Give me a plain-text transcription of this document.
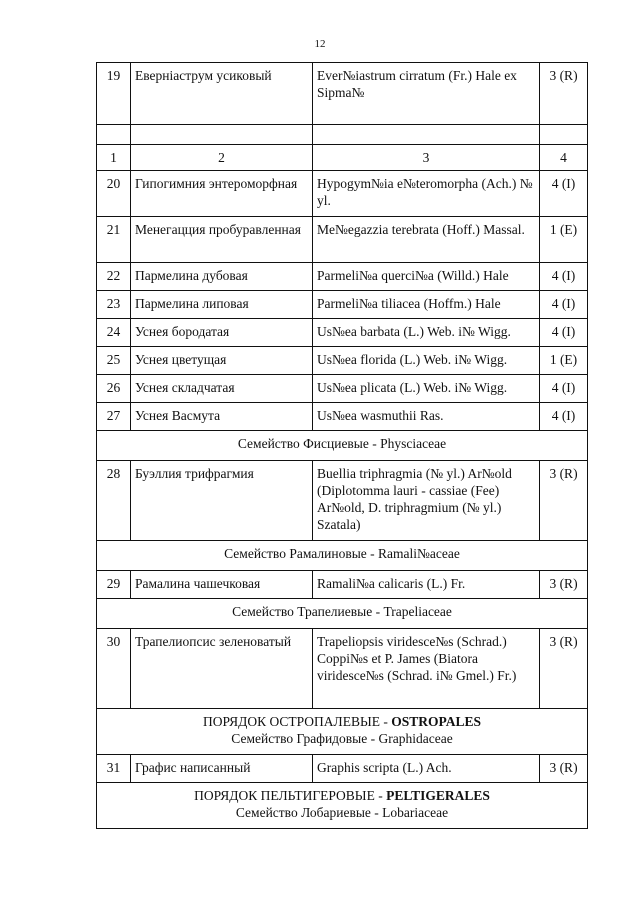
12
19	Евернiаструм усиковый	Ever№iastrum cirratum (Fr.) Hale ex Sipma№	3 (R)

1	2	3	4
20	Гипогимния энтероморфная	Hypogym№ia e№teromorpha (Ach.) № yl.	4 (I)
21	Менегацция пробуравленная	Me№egazzia terebrata (Hoff.) Massal.	1 (E)
22	Пармелина дубовая	Parmeli№a querci№a (Willd.) Hale	4 (I)
23	Пармелина липовая	Parmeli№a tiliacea (Hoffm.) Hale	4 (I)
24	Уснея бородатая	Us№ea barbata (L.) Web. i№ Wigg.	4 (I)
25	Уснея цветущая	Us№ea florida (L.) Web. i№ Wigg.	1 (E)
26	Уснея складчатая	Us№ea plicata (L.) Web. i№ Wigg.	4 (I)
27	Уснея Васмута	Us№ea wasmuthii Ras.	4 (I)
Семейство Фисциевые - Physciaceae			
28	Буэллия трифрагмия	Buellia triphragmia (№ yl.) Ar№old (Diplotomma lauri - cassiae (Fee) Ar№old, D. triphragmium (№ yl.) Szatala)	3 (R)
Семейство Рамалиновые - Ramali№aceae			
29	Рамалина чашечковая	Ramali№a calicaris (L.) Fr.	3 (R)
Семейство Трапелиевые - Trapeliaceae			
30	Трапелиопсис зеленоватый	Trapeliopsis viridesce№s (Schrad.) Coppi№s et P. James (Biatora viridesce№s (Schrad. i№ Gmel.) Fr.)	3 (R)

ПОРЯДОК ОСТРОПАЛЕВЫЕ - OSTROPALES
Семейство Графидовые - Graphidaceae			

31	Графис написанный	Graphis scripta (L.) Ach.	3 (R)

ПОРЯДОК ПЕЛЬТИГЕРОВЫЕ - PELTIGERALES
Семейство Лобариевые - Lobariaceae			
